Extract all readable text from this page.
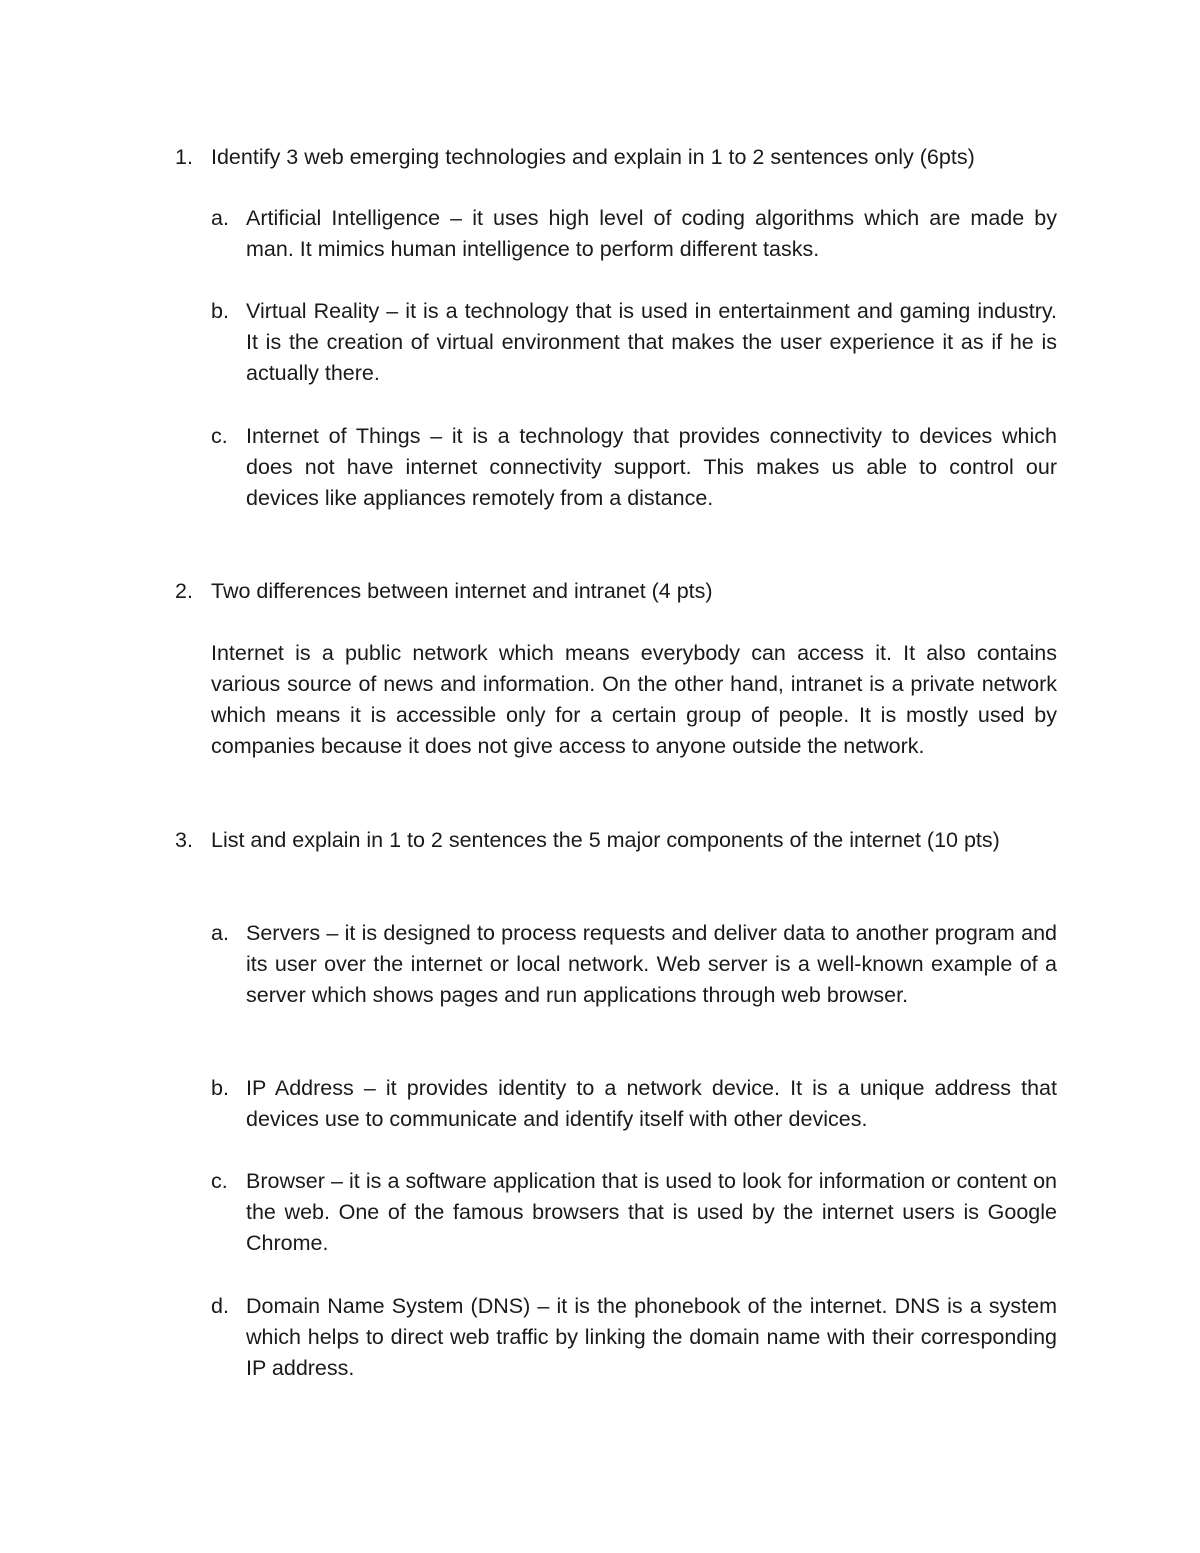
1. Identify 3 web emerging technologies and explain in 1 to 2 sentences only (6pts)
a. Artificial Intelligence – it uses high level of coding algorithms which are made by man. It mimics human intelligence to perform different tasks.
b. Virtual Reality – it is a technology that is used in entertainment and gaming industry. It is the creation of virtual environment that makes the user experience it as if he is actually there.
c. Internet of Things – it is a technology that provides connectivity to devices which does not have internet connectivity support. This makes us able to control our devices like appliances remotely from a distance.
2. Two differences between internet and intranet (4 pts)
Internet is a public network which means everybody can access it. It also contains various source of news and information. On the other hand, intranet is a private network which means it is accessible only for a certain group of people. It is mostly used by companies because it does not give access to anyone outside the network.
3. List and explain in 1 to 2 sentences the 5 major components of the internet (10 pts)
a. Servers – it is designed to process requests and deliver data to another program and its user over the internet or local network. Web server is a well-known example of a server which shows pages and run applications through web browser.
b. IP Address – it provides identity to a network device. It is a unique address that devices use to communicate and identify itself with other devices.
c. Browser – it is a software application that is used to look for information or content on the web. One of the famous browsers that is used by the internet users is Google Chrome.
d. Domain Name System (DNS) – it is the phonebook of the internet. DNS is a system which helps to direct web traffic by linking the domain name with their corresponding IP address.
